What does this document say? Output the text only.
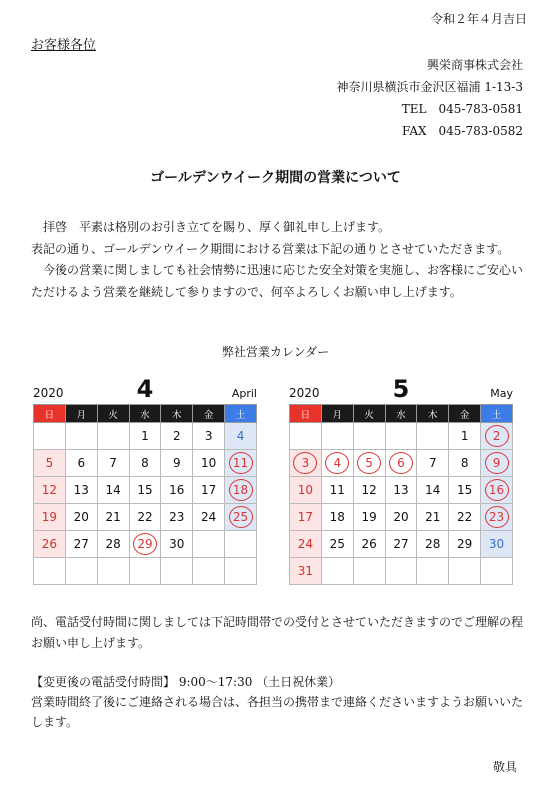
令和２年４月吉日
お客様各位
興栄商事株式会社
神奈川県横浜市金沢区福浦 1-13-3
TEL　045-783-0581
FAX　045-783-0582
ゴールデンウイーク期間の営業について

　拝啓　平素は格別のお引き立てを賜り、厚く御礼申し上げます。

表記の通り、ゴールデンウイーク期間における営業は下記の通りとさせていただきます。

　今後の営業に関しましても社会情勢に迅速に応じた安全対策を実施し、お客様にご安心いただけるよう営業を継続して参りますので、何卒よろしくお願い申し上げます。

弊社営業カレンダー
2020	4	April
日	月	火	水	木	金	土
			1	2	3	4
5	6	7	8	9	10	11
12	13	14	15	16	17	18
19	20	21	22	23	24	25
26	27	28	29	30		

2020	5	May
日	月	火	水	木	金	土
					1	2
3	4	5	6	7	8	9
10	11	12	13	14	15	16
17	18	19	20	21	22	23
24	25	26	27	28	29	30
31						
尚、電話受付時間に関しましては下記時間帯での受付とさせていただきますのでご理解の程お願い申し上げます。
【変更後の電話受付時間】 9:00～17:30 （土日祝休業）
営業時間終了後にご連絡される場合は、各担当の携帯まで連絡くださいますようお願いいたします。
敬具
